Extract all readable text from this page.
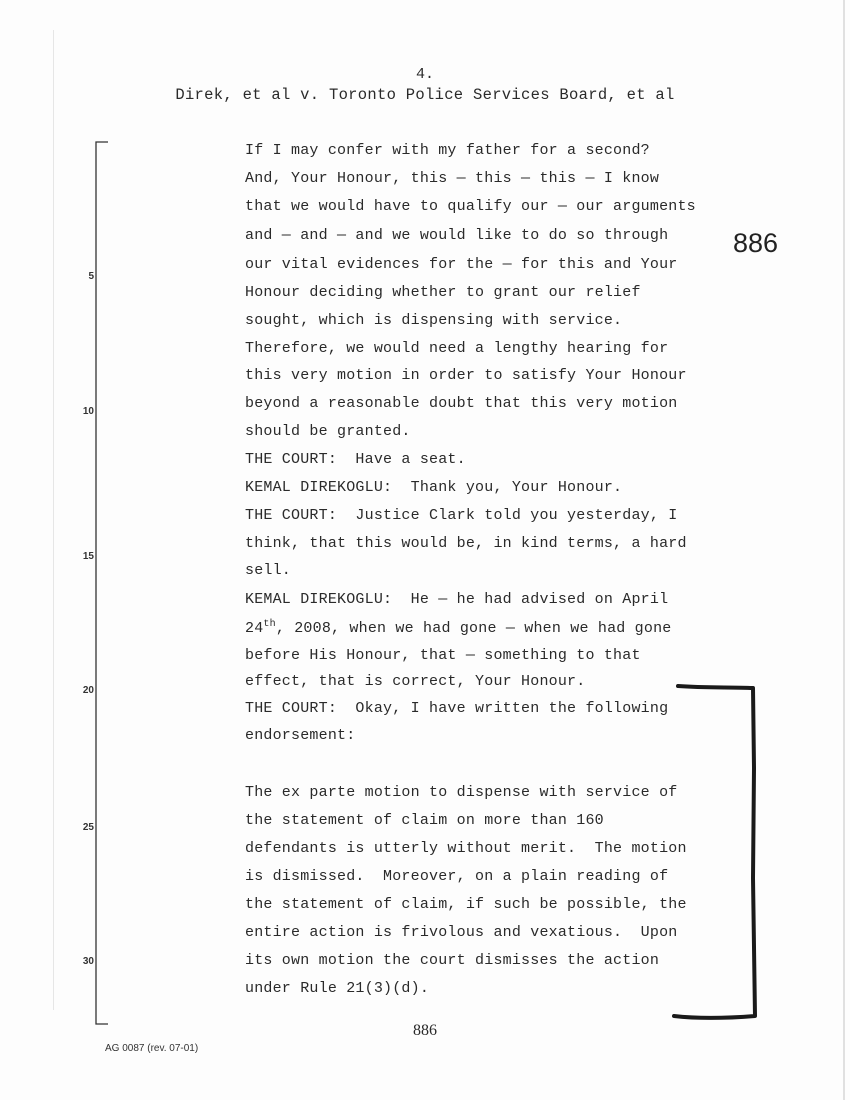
4.
Direk, et al v. Toronto Police Services Board, et al
886
If I may confer with my father for a second?
And, Your Honour, this — this — this — I know
that we would have to qualify our — our arguments
and — and — and we would like to do so through
our vital evidences for the — for this and Your
Honour deciding whether to grant our relief
sought, which is dispensing with service.
Therefore, we would need a lengthy hearing for
this very motion in order to satisfy Your Honour
beyond a reasonable doubt that this very motion
should be granted.
THE COURT:  Have a seat.
KEMAL DIREKOGLU:  Thank you, Your Honour.
THE COURT:  Justice Clark told you yesterday, I
think, that this would be, in kind terms, a hard
sell.
KEMAL DIREKOGLU:  He — he had advised on April
24th, 2008, when we had gone — when we had gone
before His Honour, that — something to that
effect, that is correct, Your Honour.
THE COURT:  Okay, I have written the following
endorsement:
The ex parte motion to dispense with service of
the statement of claim on more than 160
defendants is utterly without merit.  The motion
is dismissed.  Moreover, on a plain reading of
the statement of claim, if such be possible, the
entire action is frivolous and vexatious.  Upon
its own motion the court dismisses the action
under Rule 21(3)(d).
5
10
15
20
25
30
886
AG 0087 (rev. 07-01)
